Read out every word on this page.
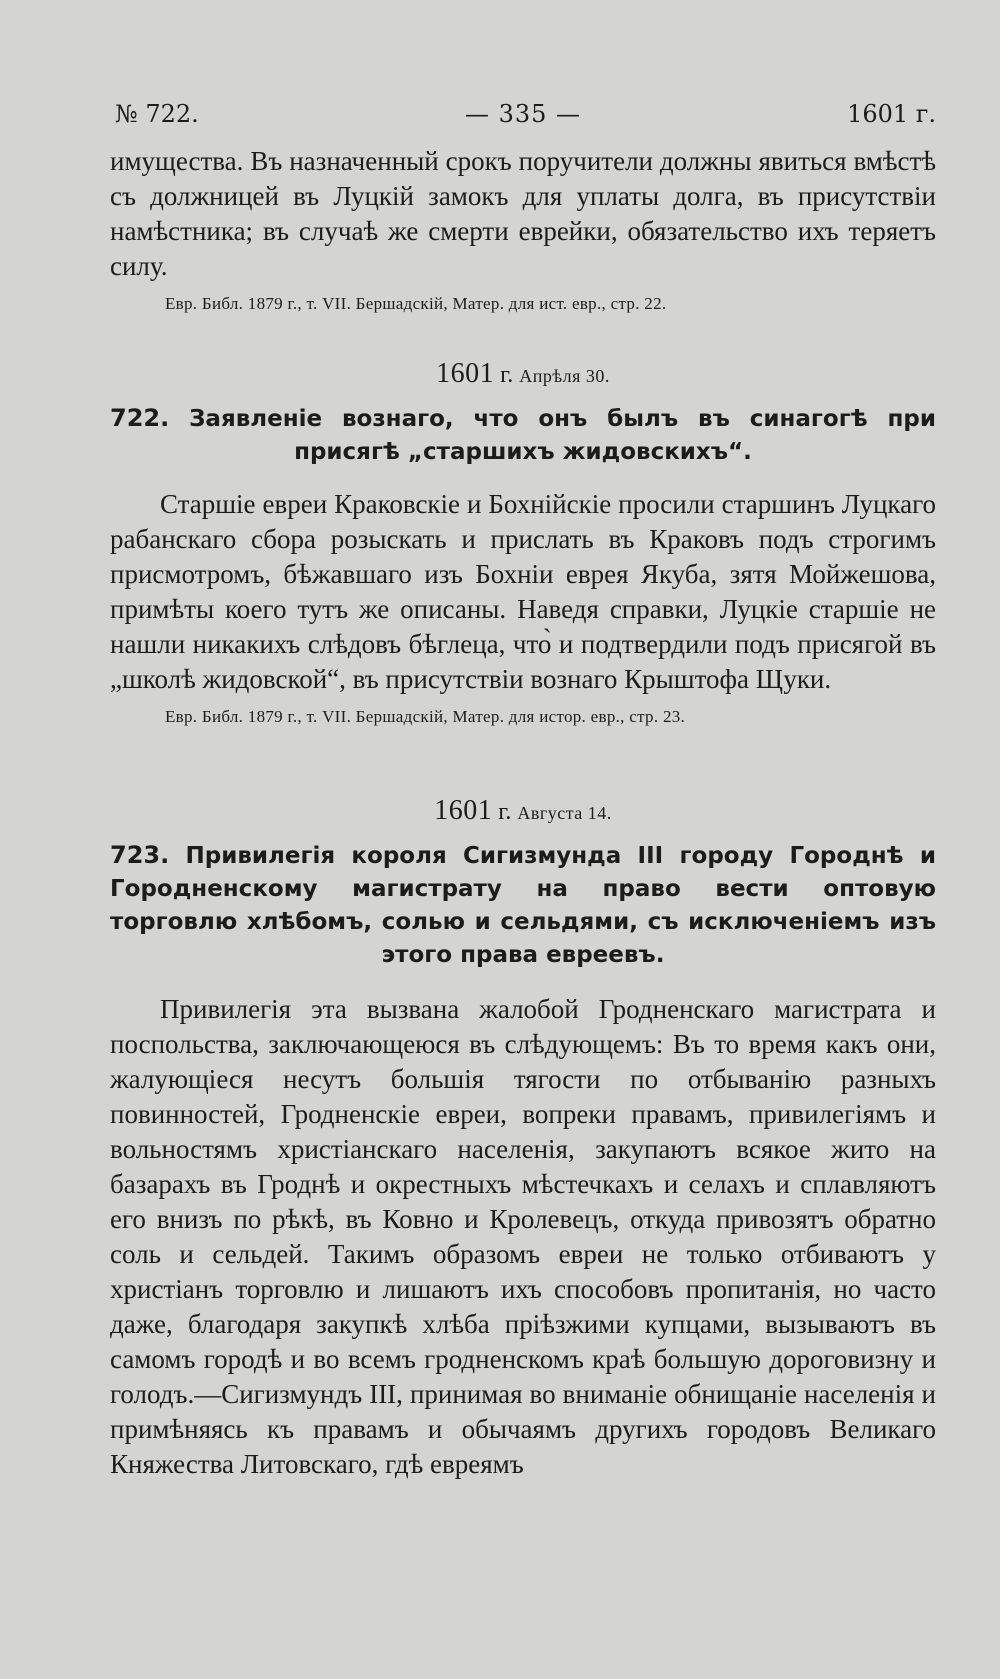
№ 722.	— 335 —	1601 г.

имущества. Въ назначенный срокъ поручители должны явиться вмѣстѣ съ должницей въ Луцкій замокъ для уплаты долга, въ присутствіи намѣстника; въ случаѣ же смерти еврейки, обязательство ихъ теряетъ силу.

Евр. Библ. 1879 г., т. VII. Бершадскій, Матер. для ист. евр., стр. 22.

1601 г. Апрѣля 30.

722. Заявленіе вознаго, что онъ былъ въ синагогѣ при присягѣ „старшихъ жидовскихъ“.

Старшіе евреи Краковскіе и Бохнійскіе просили старшинъ Луцкаго рабанскаго сбора розыскать и прислать въ Краковъ подъ строгимъ присмотромъ, бѣжавшаго изъ Бохніи еврея Якуба, зятя Мойжешова, примѣты коего тутъ же описаны. Наведя справки, Луцкіе старшіе не нашли никакихъ слѣдовъ бѣглеца, что̀ и подтвердили подъ присягой въ „школѣ жидовской“, въ присутствіи вознаго Крыштофа Щуки.

Евр. Библ. 1879 г., т. VII. Бершадскій, Матер. для истор. евр., стр. 23.

1601 г. Августа 14.

723. Привилегія короля Сигизмунда III городу Городнѣ и Городненскому магистрату на право вести оптовую торговлю хлѣбомъ, солью и сельдями, съ исключеніемъ изъ этого права евреевъ.

Привилегія эта вызвана жалобой Гродненскаго магистрата и поспольства, заключающеюся въ слѣдующемъ: Въ то время какъ они, жалующіеся несутъ большія тягости по отбыванію разныхъ повинностей, Гродненскіе евреи, вопреки правамъ, привилегіямъ и вольностямъ христіанскаго населенія, закупаютъ всякое жито на базарахъ въ Гроднѣ и окрестныхъ мѣстечкахъ и селахъ и сплавляютъ его внизъ по рѣкѣ, въ Ковно и Кролевецъ, откуда привозятъ обратно соль и сельдей. Такимъ образомъ евреи не только отбиваютъ у христіанъ торговлю и лишаютъ ихъ способовъ пропитанія, но часто даже, благодаря закупкѣ хлѣба пріѣзжими купцами, вызываютъ въ самомъ городѣ и во всемъ гродненскомъ краѣ большую дороговизну и голодъ.—Сигизмундъ III, принимая во вниманіе обнищаніе населенія и примѣняясь къ правамъ и обычаямъ другихъ городовъ Великаго Княжества Литовскаго, гдѣ евреямъ
